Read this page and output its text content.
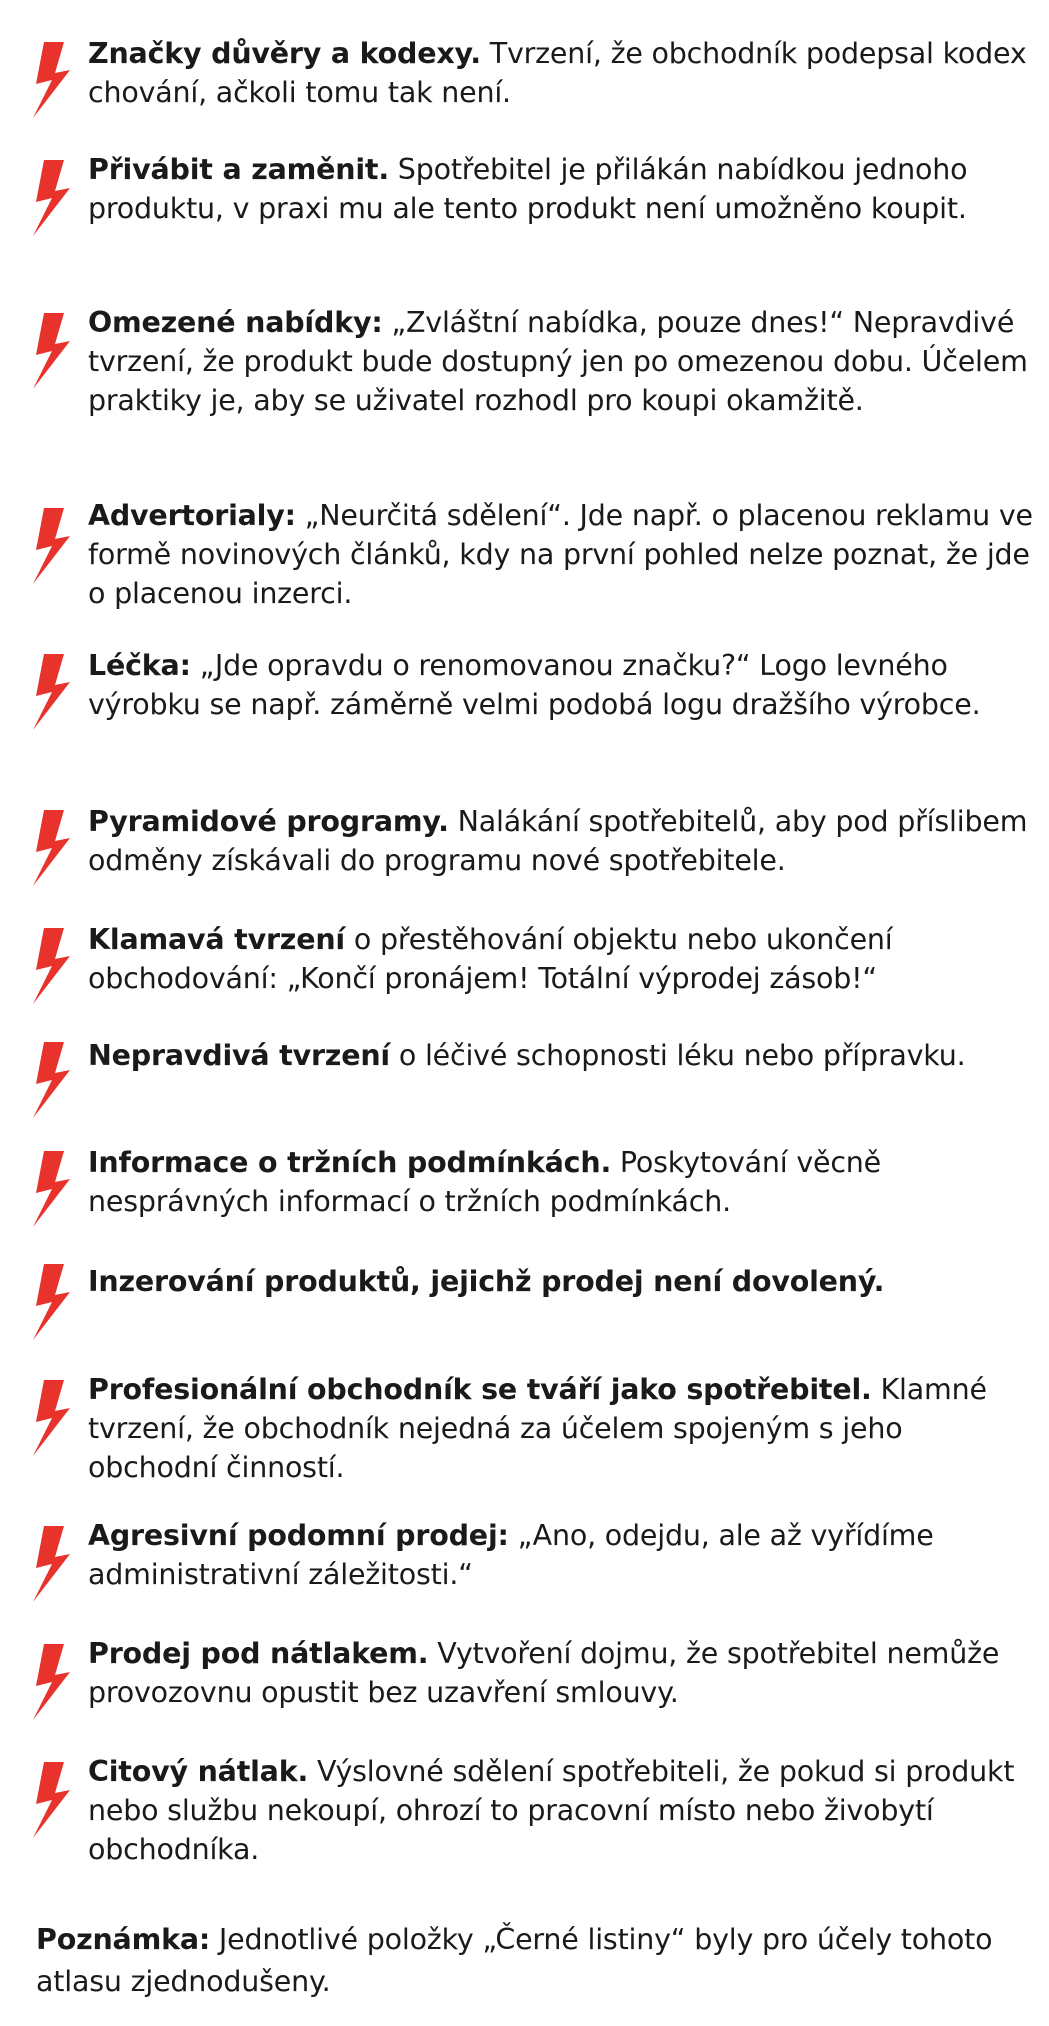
Značky důvěry a kodexy. Tvrzení, že obchodník podepsal kodex chování, ačkoli tomu tak není.
Přivábit a zaměnit. Spotřebitel je přilákán nabídkou jednoho produktu, v praxi mu ale tento produkt není umožněno koupit.
Omezené nabídky: „Zvláštní nabídka, pouze dnes!“ Nepravdivé tvrzení, že produkt bude dostupný jen po omezenou dobu. Účelem praktiky je, aby se uživatel rozhodl pro koupi okamžitě.
Advertorialy: „Neurčitá sdělení“. Jde např. o placenou reklamu ve formě novinových článků, kdy na první pohled nelze poznat, že jde o placenou inzerci.
Léčka: „Jde opravdu o renomovanou značku?“ Logo levného výrobku se např. záměrně velmi podobá logu dražšího výrobce.
Pyramidové programy. Nalákání spotřebitelů, aby pod příslibem odměny získávali do programu nové spotřebitele.
Klamavá tvrzení o přestěhování objektu nebo ukončení obchodování: „Končí pronájem! Totální výprodej zásob!“
Nepravdivá tvrzení o léčivé schopnosti léku nebo přípravku.
Informace o tržních podmínkách. Poskytování věcně nesprávných informací o tržních podmínkách.
Inzerování produktů, jejichž prodej není dovolený.
Profesionální obchodník se tváří jako spotřebitel. Klamné tvrzení, že obchodník nejedná za účelem spojeným s jeho obchodní činností.
Agresivní podomní prodej: „Ano, odejdu, ale až vyřídíme administrativní záležitosti.“
Prodej pod nátlakem. Vytvoření dojmu, že spotřebitel nemůže provozovnu opustit bez uzavření smlouvy.
Citový nátlak. Výslovné sdělení spotřebiteli, že pokud si produkt nebo službu nekoupí, ohrozí to pracovní místo nebo živobytí obchodníka.
Poznámka: Jednotlivé položky „Černé listiny“ byly pro účely tohoto atlasu zjednodušeny.
